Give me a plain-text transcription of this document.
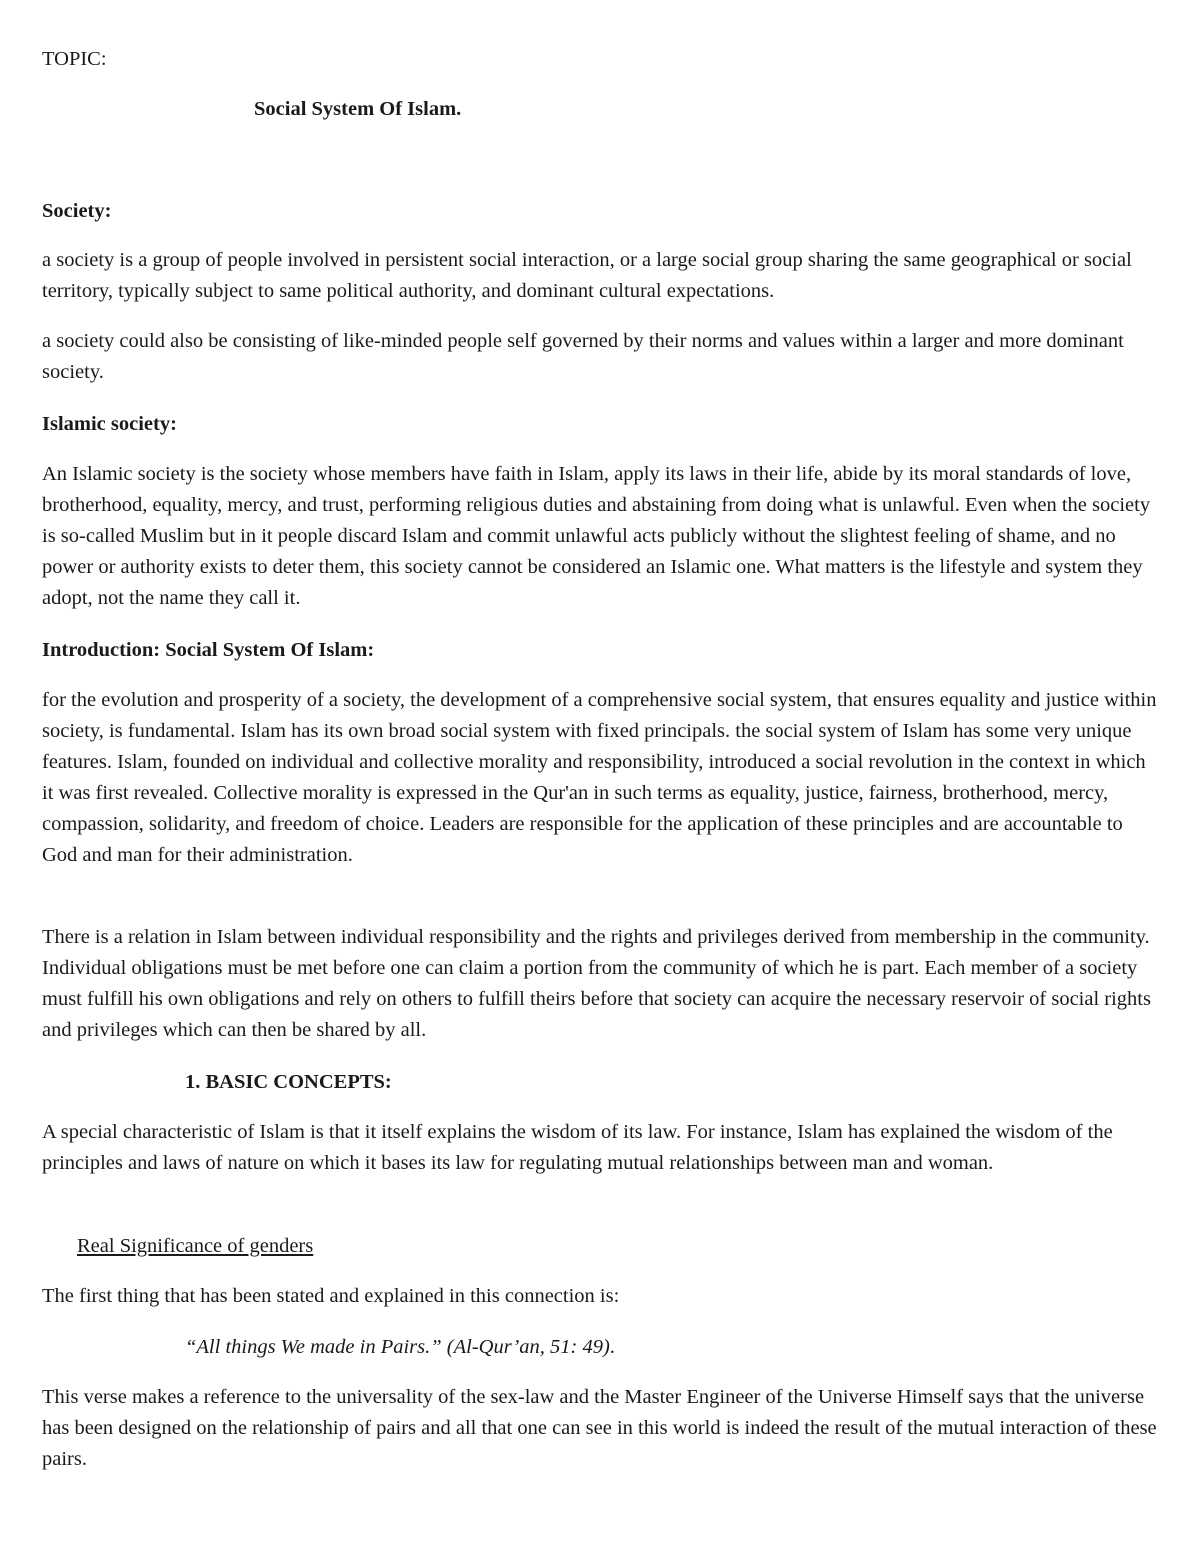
TOPIC:

Social System Of Islam.

Society:

a society is a group of people involved in persistent social interaction, or a large social group sharing the same geographical or social territory, typically subject to same political authority, and dominant cultural expectations.

a society could also be consisting of like-minded people self governed by their norms and values within a larger and more dominant society.

Islamic society:

An Islamic society is the society whose members have faith in Islam, apply its laws in their life, abide by its moral standards of love, brotherhood, equality, mercy, and trust, performing religious duties and abstaining from doing what is unlawful. Even when the society is so-called Muslim but in it people discard Islam and commit unlawful acts publicly without the slightest feeling of shame, and no power or authority exists to deter them, this society cannot be considered an Islamic one. What matters is the lifestyle and system they adopt, not the name they call it.

Introduction: Social System Of Islam:

for the evolution and prosperity of a society, the development of a comprehensive social system, that ensures equality and justice within society, is fundamental. Islam has its own broad social system with fixed principals. the social system of Islam has some very unique features. Islam, founded on individual and collective morality and responsibility, introduced a social revolution in the context in which it was first revealed. Collective morality is expressed in the Qur'an in such terms as equality, justice, fairness, brotherhood, mercy, compassion, solidarity, and freedom of choice. Leaders are responsible for the application of these principles and are accountable to God and man for their administration.

There is a relation in Islam between individual responsibility and the rights and privileges derived from membership in the community. Individual obligations must be met before one can claim a portion from the community of which he is part. Each member of a society must fulfill his own obligations and rely on others to fulfill theirs before that society can acquire the necessary reservoir of social rights and privileges which can then be shared by all.

1. BASIC CONCEPTS:

A special characteristic of Islam is that it itself explains the wisdom of its law. For instance, Islam has explained the wisdom of the principles and laws of nature on which it bases its law for regulating mutual relationships between man and woman.

Real Significance of genders

The first thing that has been stated and explained in this connection is:

“All things We made in Pairs.” (Al-Qur’an, 51: 49).

This verse makes a reference to the universality of the sex-law and the Master Engineer of the Universe Himself says that the universe has been designed on the relationship of pairs and all that one can see in this world is indeed the result of the mutual interaction of these pairs.
